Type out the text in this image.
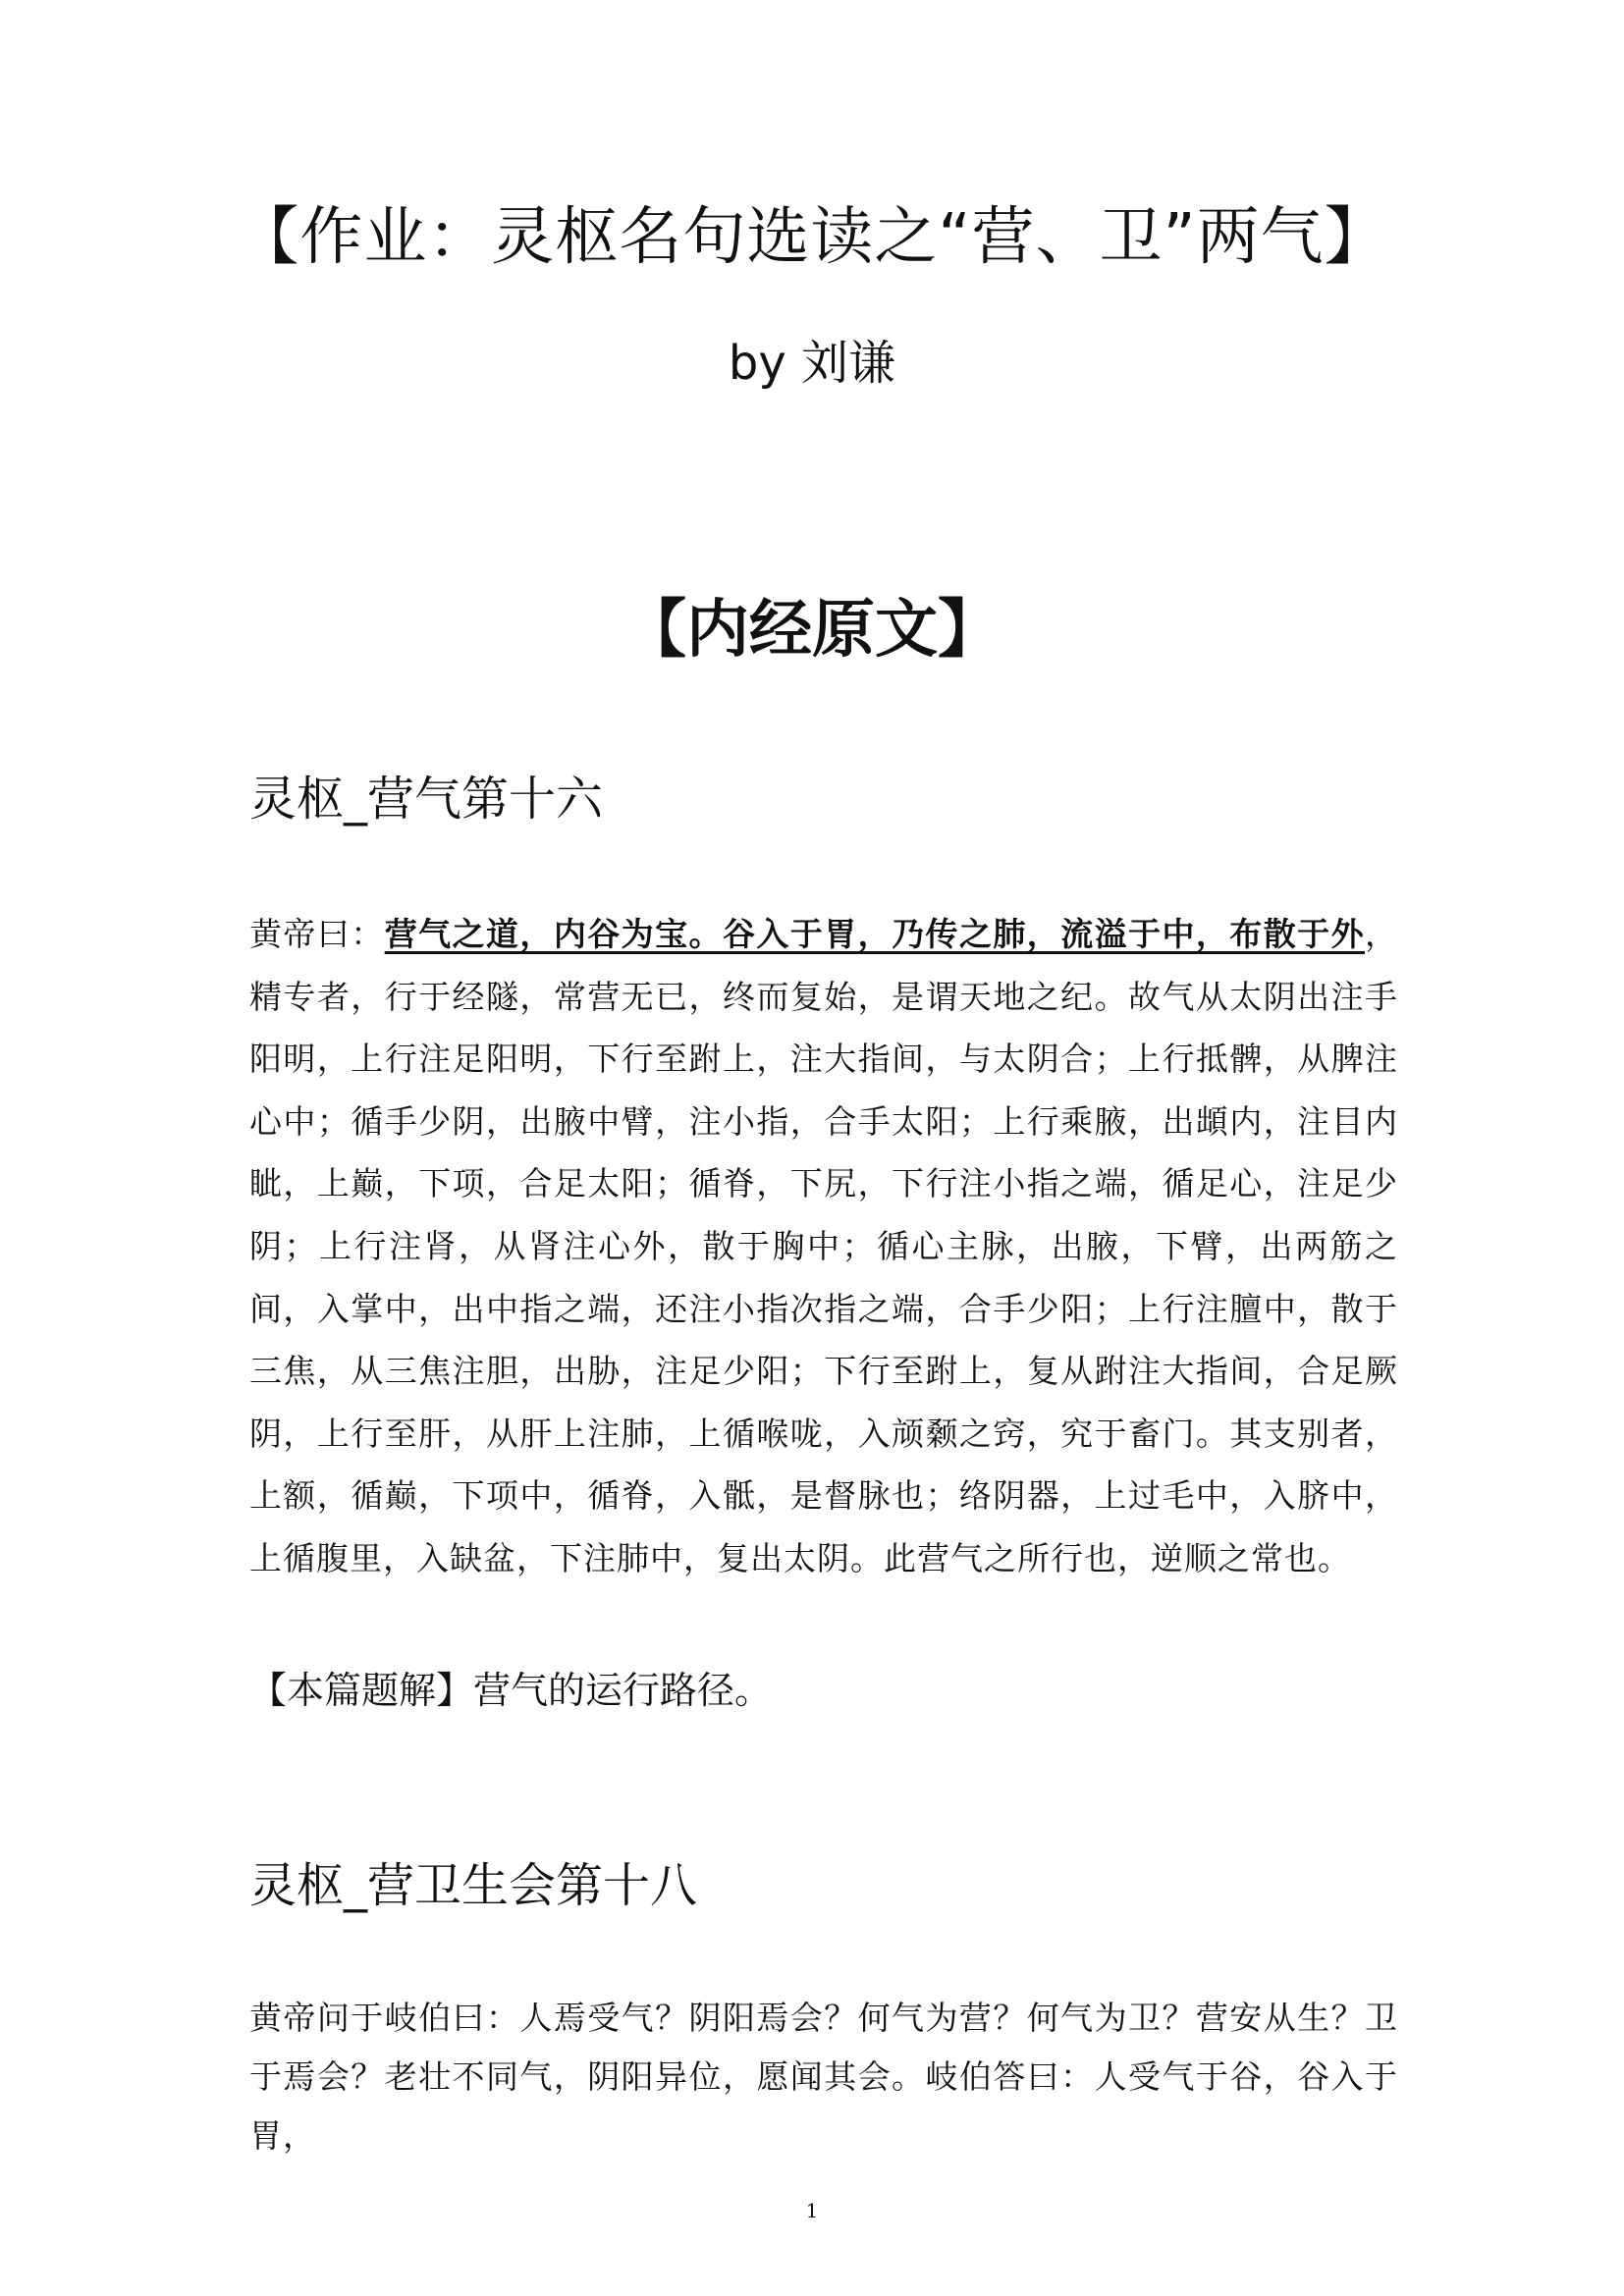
【作业：灵枢名句选读之“营、卫”两气】

by 刘谦

【内经原文】
灵枢_营气第十六

黄帝曰：营气之道，内谷为宝。谷入于胃，乃传之肺，流溢于中，布散于外，精专者，行于经隧，常营无已，终而复始，是谓天地之纪。故气从太阴出注手阳明，上行注足阳明，下行至跗上，注大指间，与太阴合；上行抵髀，从脾注心中；循手少阴，出腋中臂，注小指，合手太阳；上行乘腋，出䪼内，注目内眦，上巅，下项，合足太阳；循脊，下尻，下行注小指之端，循足心，注足少阴；上行注肾，从肾注心外，散于胸中；循心主脉，出腋，下臂，出两筋之间，入掌中，出中指之端，还注小指次指之端，合手少阳；上行注膻中，散于三焦，从三焦注胆，出胁，注足少阳；下行至跗上，复从跗注大指间，合足厥阴，上行至肝，从肝上注肺，上循喉咙，入颃颡之窍，究于畜门。其支别者，上额，循巅，下项中，循脊，入骶，是督脉也；络阴器，上过毛中，入脐中，上循腹里，入缺盆，下注肺中，复出太阴。此营气之所行也，逆顺之常也。

【本篇题解】营气的运行路径。

灵枢_营卫生会第十八

黄帝问于岐伯曰：人焉受气？阴阳焉会？何气为营？何气为卫？营安从生？卫于焉会？老壮不同气，阴阳异位，愿闻其会。岐伯答曰：人受气于谷，谷入于胃，

1
